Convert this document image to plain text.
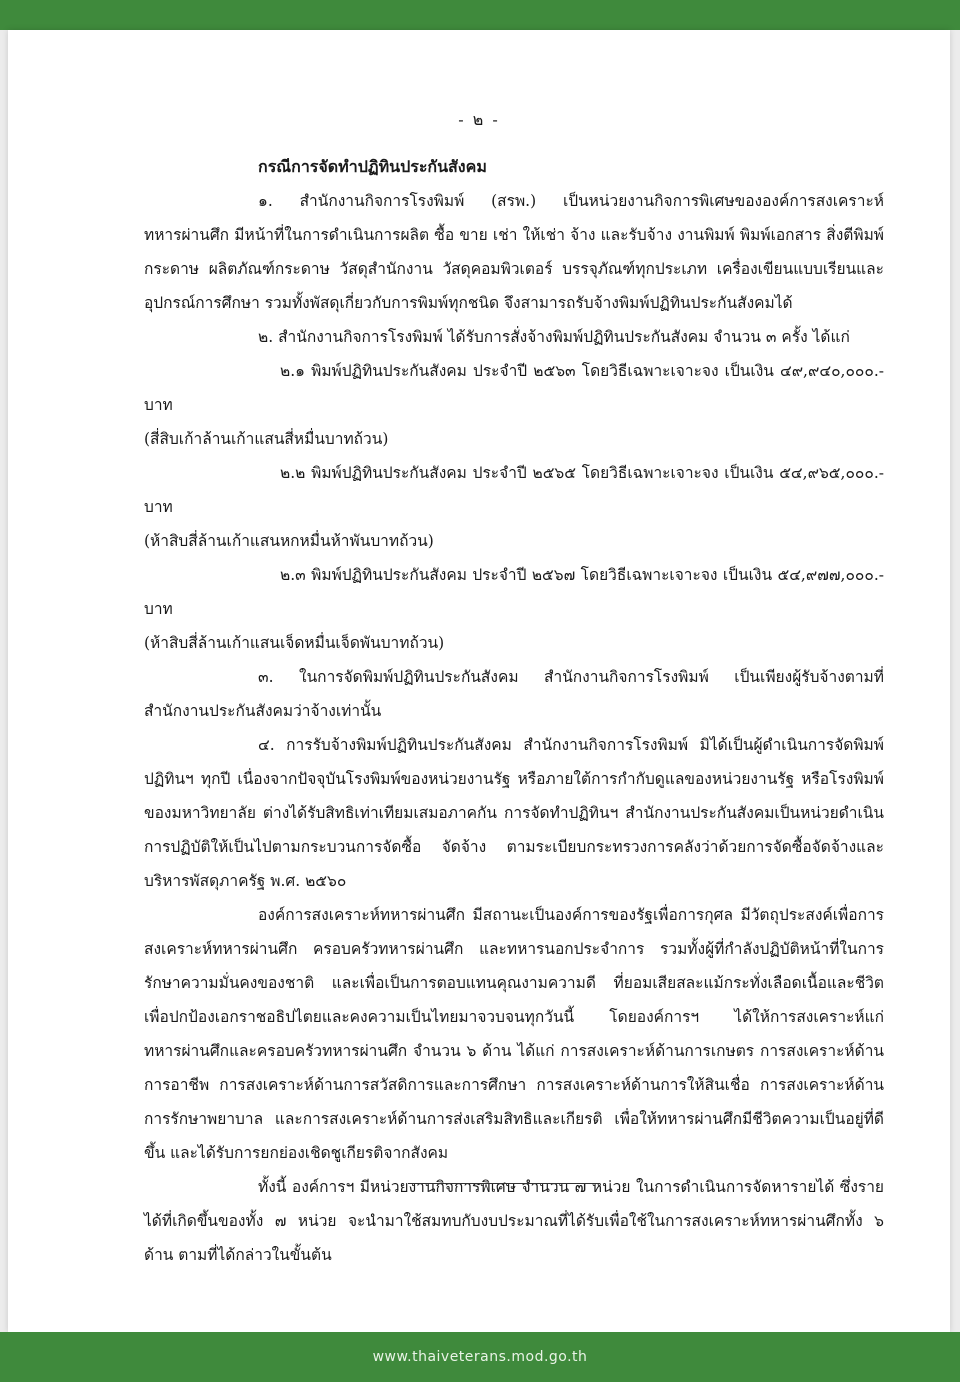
- ๒ -

กรณีการจัดทำปฏิทินประกันสังคม

๑. สำนักงานกิจการโรงพิมพ์ (สรพ.) เป็นหน่วยงานกิจการพิเศษขององค์การสงเคราะห์ทหารผ่านศึก มีหน้าที่ในการดำเนินการผลิต ซื้อ ขาย เช่า ให้เช่า จ้าง และรับจ้าง งานพิมพ์ พิมพ์เอกสาร สิ่งตีพิมพ์ กระดาษ ผลิตภัณฑ์กระดาษ วัสดุสำนักงาน วัสดุคอมพิวเตอร์ บรรจุภัณฑ์ทุกประเภท เครื่องเขียนแบบเรียนและอุปกรณ์การศึกษา รวมทั้งพัสดุเกี่ยวกับการพิมพ์ทุกชนิด จึงสามารถรับจ้างพิมพ์ปฏิทินประกันสังคมได้

๒. สำนักงานกิจการโรงพิมพ์ ได้รับการสั่งจ้างพิมพ์ปฏิทินประกันสังคม จำนวน ๓ ครั้ง ได้แก่

๒.๑ พิมพ์ปฏิทินประกันสังคม ประจำปี ๒๕๖๓ โดยวิธีเฉพาะเจาะจง เป็นเงิน ๔๙,๙๔๐,๐๐๐.- บาท

(สี่สิบเก้าล้านเก้าแสนสี่หมื่นบาทถ้วน)

๒.๒ พิมพ์ปฏิทินประกันสังคม ประจำปี ๒๕๖๕ โดยวิธีเฉพาะเจาะจง เป็นเงิน ๕๔,๙๖๕,๐๐๐.- บาท

(ห้าสิบสี่ล้านเก้าแสนหกหมื่นห้าพันบาทถ้วน)

๒.๓ พิมพ์ปฏิทินประกันสังคม ประจำปี ๒๕๖๗ โดยวิธีเฉพาะเจาะจง เป็นเงิน ๕๔,๙๗๗,๐๐๐.- บาท

(ห้าสิบสี่ล้านเก้าแสนเจ็ดหมื่นเจ็ดพันบาทถ้วน)

๓. ในการจัดพิมพ์ปฏิทินประกันสังคม สำนักงานกิจการโรงพิมพ์ เป็นเพียงผู้รับจ้างตามที่สำนักงานประกันสังคมว่าจ้างเท่านั้น

๔. การรับจ้างพิมพ์ปฏิทินประกันสังคม สำนักงานกิจการโรงพิมพ์ มิได้เป็นผู้ดำเนินการจัดพิมพ์ปฏิทินฯ ทุกปี เนื่องจากปัจจุบันโรงพิมพ์ของหน่วยงานรัฐ หรือภายใต้การกำกับดูแลของหน่วยงานรัฐ หรือโรงพิมพ์ของมหาวิทยาลัย ต่างได้รับสิทธิเท่าเทียมเสมอภาคกัน การจัดทำปฏิทินฯ สำนักงานประกันสังคมเป็นหน่วยดำเนินการปฏิบัติให้เป็นไปตามกระบวนการจัดซื้อ จัดจ้าง ตามระเบียบกระทรวงการคลังว่าด้วยการจัดซื้อจัดจ้างและบริหารพัสดุภาครัฐ พ.ศ. ๒๕๖๐

องค์การสงเคราะห์ทหารผ่านศึก มีสถานะเป็นองค์การของรัฐเพื่อการกุศล มีวัตถุประสงค์เพื่อการสงเคราะห์ทหารผ่านศึก ครอบครัวทหารผ่านศึก และทหารนอกประจำการ รวมทั้งผู้ที่กำลังปฏิบัติหน้าที่ในการรักษาความมั่นคงของชาติ และเพื่อเป็นการตอบแทนคุณงามความดี ที่ยอมเสียสละแม้กระทั่งเลือดเนื้อและชีวิต เพื่อปกป้องเอกราชอธิปไตยและคงความเป็นไทยมาจวบจนทุกวันนี้ โดยองค์การฯ ได้ให้การสงเคราะห์แก่ทหารผ่านศึกและครอบครัวทหารผ่านศึก จำนวน ๖ ด้าน ได้แก่ การสงเคราะห์ด้านการเกษตร การสงเคราะห์ด้านการอาชีพ การสงเคราะห์ด้านการสวัสดิการและการศึกษา การสงเคราะห์ด้านการให้สินเชื่อ การสงเคราะห์ด้านการรักษาพยาบาล และการสงเคราะห์ด้านการส่งเสริมสิทธิและเกียรติ เพื่อให้ทหารผ่านศึกมีชีวิตความเป็นอยู่ที่ดีขึ้น และได้รับการยกย่องเชิดชูเกียรติจากสังคม

ทั้งนี้ องค์การฯ มีหน่วยงานกิจการพิเศษ จำนวน ๗ หน่วย ในการดำเนินการจัดหารายได้ ซึ่งรายได้ที่เกิดขึ้นของทั้ง ๗ หน่วย จะนำมาใช้สมทบกับงบประมาณที่ได้รับเพื่อใช้ในการสงเคราะห์ทหารผ่านศึกทั้ง ๖ ด้าน ตามที่ได้กล่าวในขั้นต้น

www.thaiveterans.mod.go.th
